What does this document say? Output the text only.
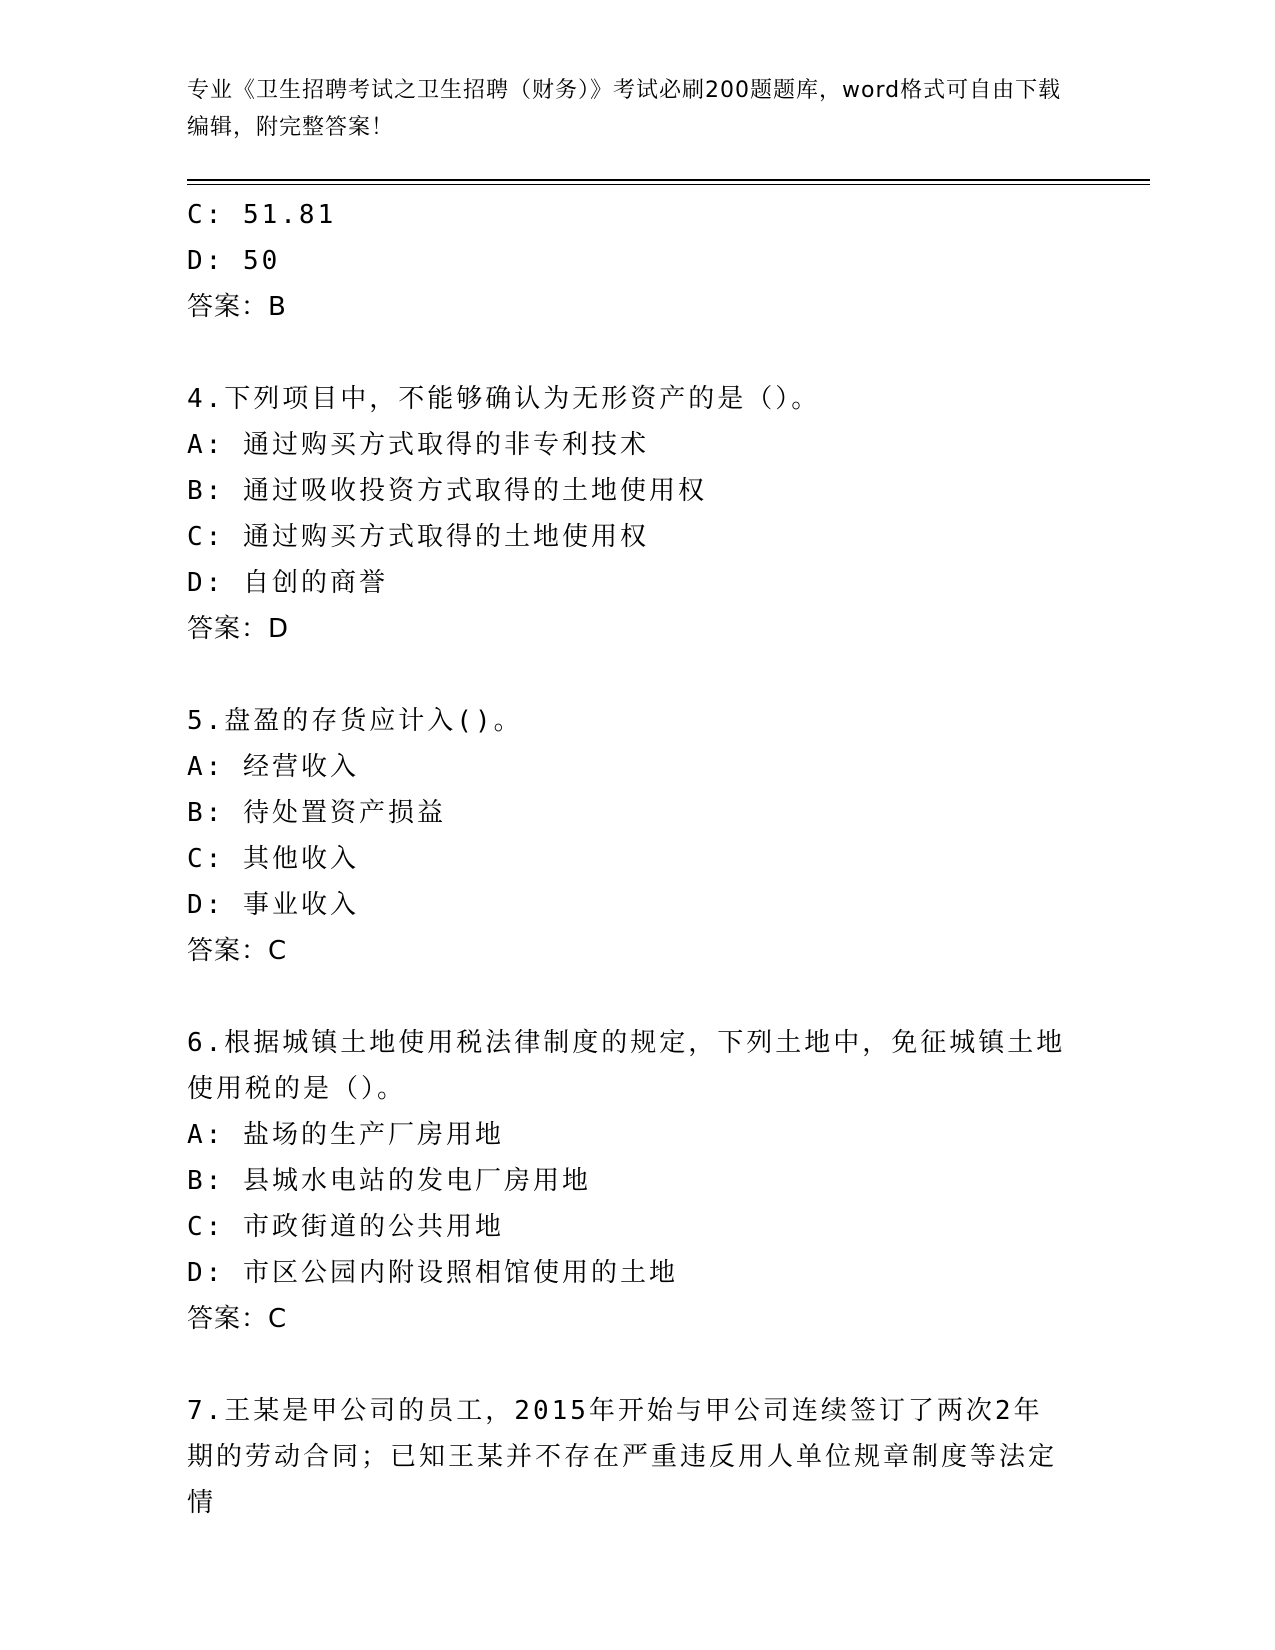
专业《卫生招聘考试之卫生招聘（财务）》考试必刷200题题库，word格式可自由下载编辑，附完整答案！
C: 51.81
D: 50
答案：B
4.下列项目中，不能够确认为无形资产的是（）。
A: 通过购买方式取得的非专利技术
B: 通过吸收投资方式取得的土地使用权
C: 通过购买方式取得的土地使用权
D: 自创的商誉
答案：D
5.盘盈的存货应计入()。
A: 经营收入
B: 待处置资产损益
C: 其他收入
D: 事业收入
答案：C
6.根据城镇土地使用税法律制度的规定，下列土地中，免征城镇土地使用税的是（）。
A: 盐场的生产厂房用地
B: 县城水电站的发电厂房用地
C: 市政街道的公共用地
D: 市区公园内附设照相馆使用的土地
答案：C
7.王某是甲公司的员工，2015年开始与甲公司连续签订了两次2年期的劳动合同；已知王某并不存在严重违反用人单位规章制度等法定情
